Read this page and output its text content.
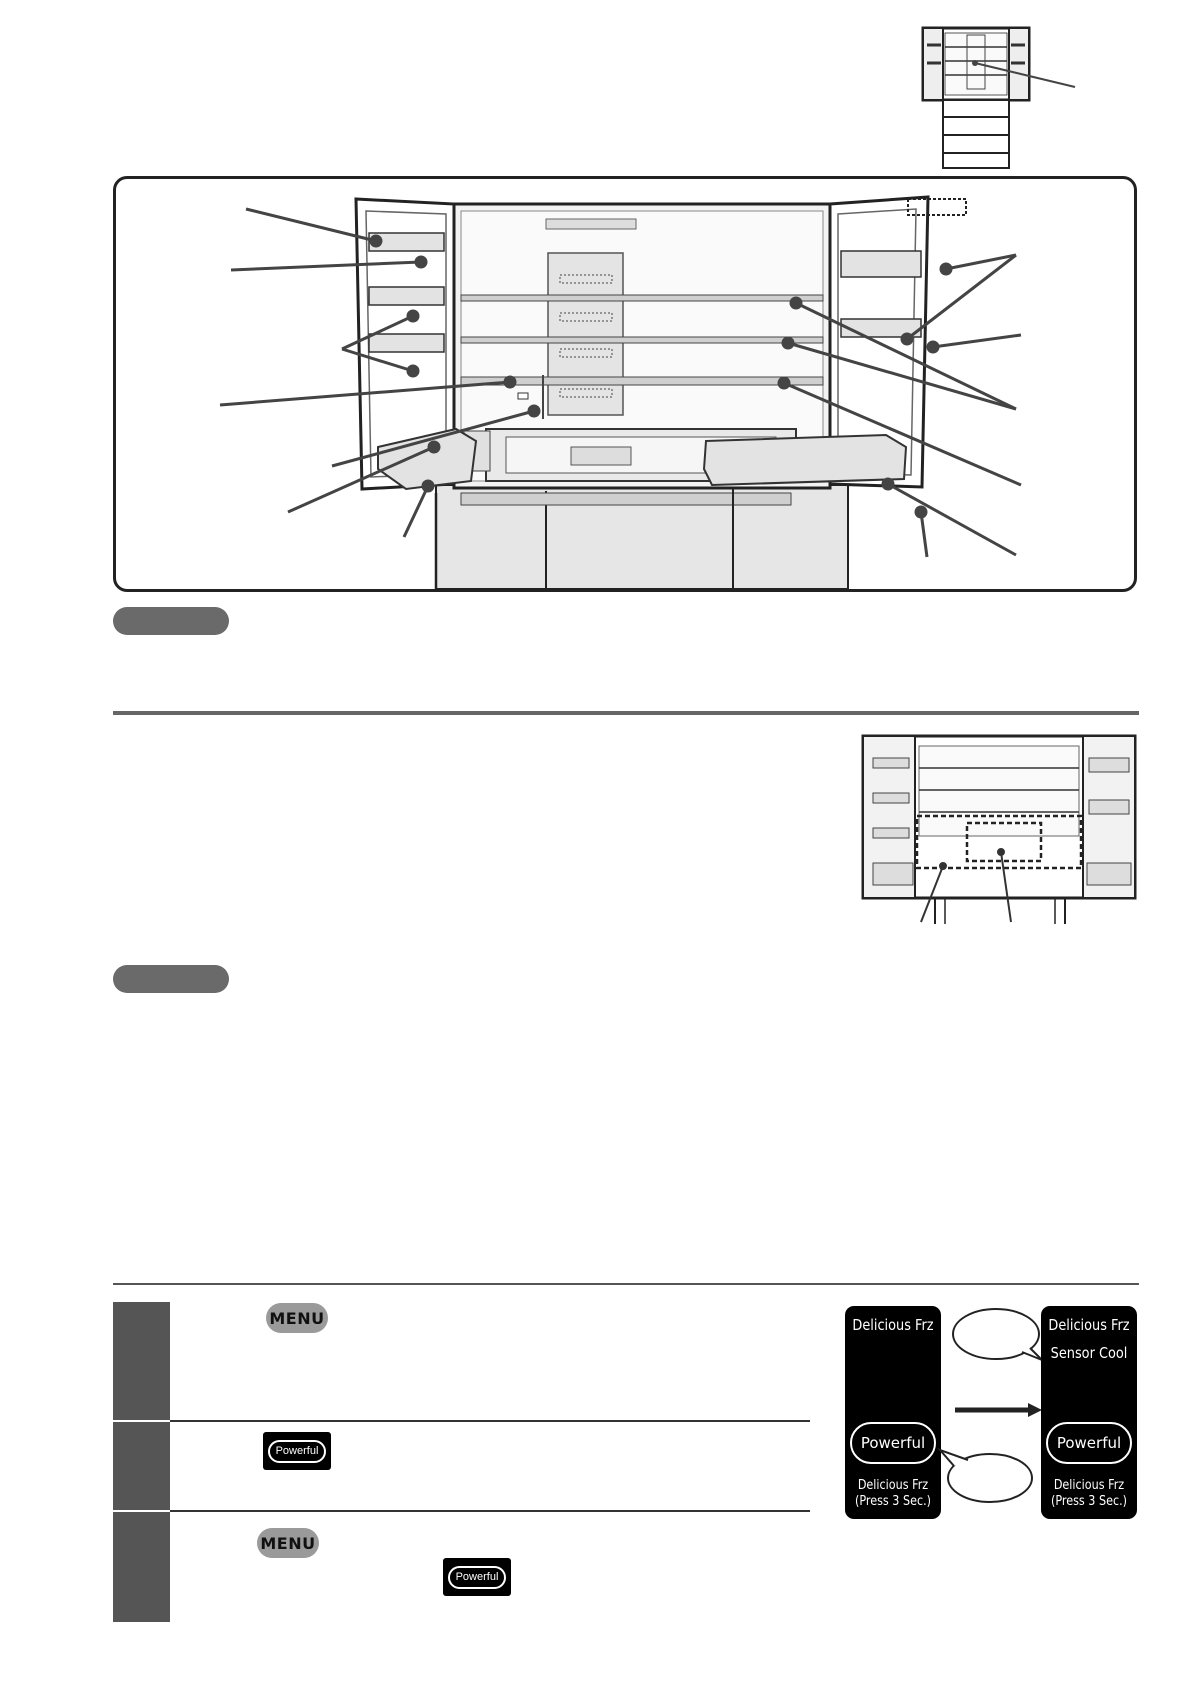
MENU
Powerful
MENU
Powerful
Delicious Frz
Powerful
Delicious Frz
(Press 3 Sec.)
Delicious Frz
Sensor Cool
Powerful
Delicious Frz
(Press 3 Sec.)
